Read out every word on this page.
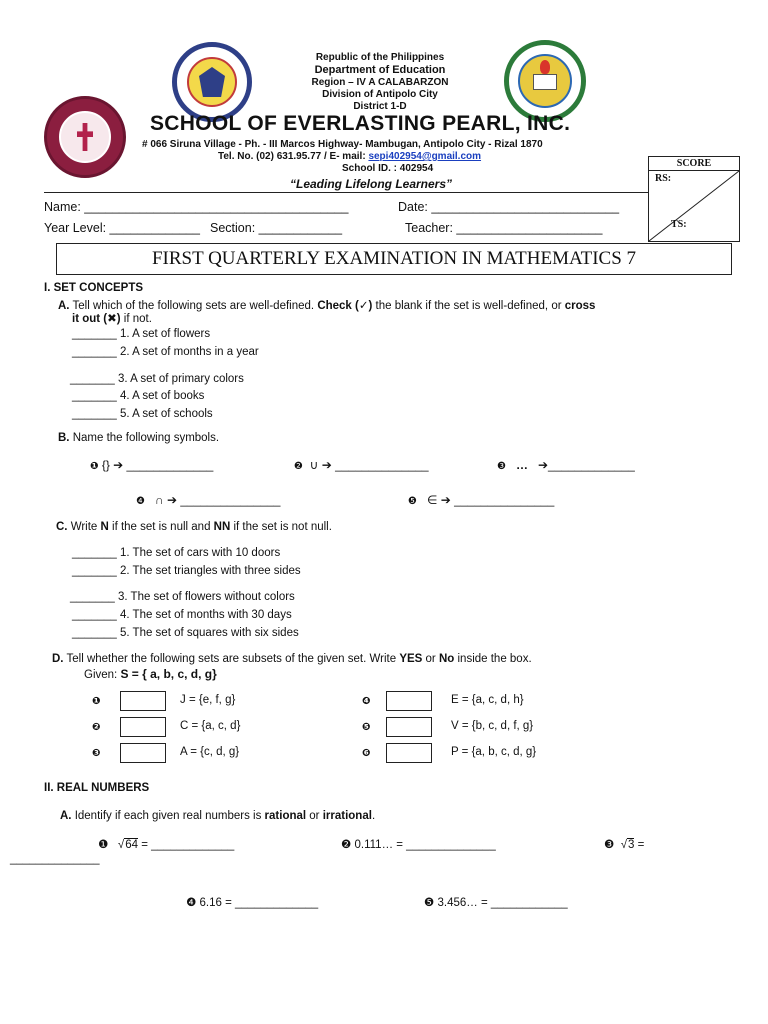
Republic of the Philippines
Department of Education
Region – IV A CALABARZON
Division of Antipolo City
District 1-D
SCHOOL OF EVERLASTING PEARL, INC.
# 066 Siruna Village - Ph. - III Marcos Highway- Mambugan, Antipolo City - Rizal 1870
Tel. No. (02) 631.95.77 / E- mail: sepi402954@gmail.com
School ID. : 402954
“Leading Lifelong Learners”
SCORE
RS:
TS:
Name: ______________________________________	Date: ___________________________
Year Level: _____________ Section: ____________	Teacher: _____________________
FIRST QUARTERLY EXAMINATION IN MATHEMATICS 7
I. SET CONCEPTS
A. Tell which of the following sets are well-defined. Check (✓) the blank if the set is well-defined, or cross
it out (✖) if not.
_______ 1. A set of flowers
_______ 2. A set of months in a year
_______ 3. A set of primary colors
_______ 4. A set of books
_______ 5. A set of schools
B. Name the following symbols.
❶ {} ➔ _____________	❷ ∪ ➔ ______________	❸ … ➔_____________
❹ ∩ ➔ _______________	❺ ∈ ➔ _______________
C. Write N if the set is null and NN if the set is not null.
_______ 1. The set of cars with 10 doors
_______ 2. The set triangles with three sides
_______ 3. The set of flowers without colors
_______ 4. The set of months with 30 days
_______ 5. The set of squares with six sides
D. Tell whether the following sets are subsets of the given set. Write YES or No inside the box.
Given: S = { a, b, c, d, g}
❶	J = {e, f, g}
❷	C = {a, c, d}
❸	A = {c, d, g}
❹	E = {a, c, d, h}
❺	V = {b, c, d, f, g}
❻	P = {a, b, c, d, g}
II. REAL NUMBERS
A. Identify if each given real numbers is rational or irrational.
❶ √64 = _____________	❷ 0.111… = ______________	❸ √3 =
______________
❹ 6.16 = _____________	❺ 3.456… = ____________
